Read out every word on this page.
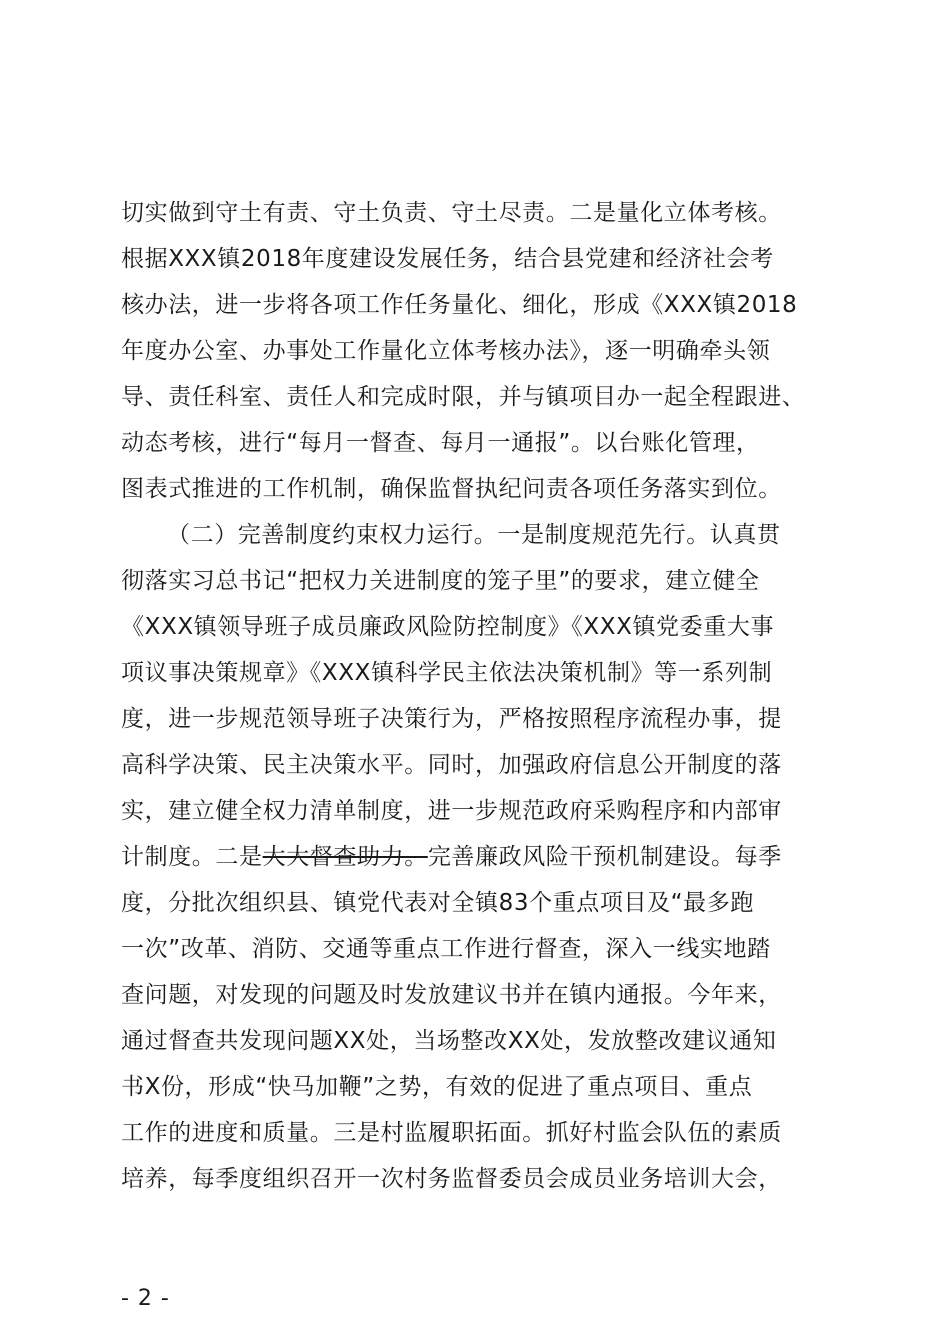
切实做到守土有责、守土负责、守土尽责。二是量化立体考核。
根据XXX镇2018年度建设发展任务，结合县党建和经济社会考
核办法，进一步将各项工作任务量化、细化，形成《XXX镇2018
年度办公室、办事处工作量化立体考核办法》，逐一明确牵头领
导、责任科室、责任人和完成时限，并与镇项目办一起全程跟进、
动态考核，进行“每月一督查、每月一通报”。以台账化管理，
图表式推进的工作机制，确保监督执纪问责各项任务落实到位。
（二）完善制度约束权力运行。一是制度规范先行。认真贯
彻落实习总书记“把权力关进制度的笼子里”的要求，建立健全
《XXX镇领导班子成员廉政风险防控制度》《XXX镇党委重大事
项议事决策规章》《XXX镇科学民主依法决策机制》等一系列制
度，进一步规范领导班子决策行为，严格按照程序流程办事，提
高科学决策、民主决策水平。同时，加强政府信息公开制度的落
实，建立健全权力清单制度，进一步规范政府采购程序和内部审
计制度。二是大大督查助力。完善廉政风险干预机制建设。每季
度，分批次组织县、镇党代表对全镇83个重点项目及“最多跑
一次”改革、消防、交通等重点工作进行督查，深入一线实地踏
查问题，对发现的问题及时发放建议书并在镇内通报。今年来，
通过督查共发现问题XX处，当场整改XX处，发放整改建议通知
书X份，形成“快马加鞭”之势，有效的促进了重点项目、重点
工作的进度和质量。三是村监履职拓面。抓好村监会队伍的素质
培养，每季度组织召开一次村务监督委员会成员业务培训大会，
- 2 -
